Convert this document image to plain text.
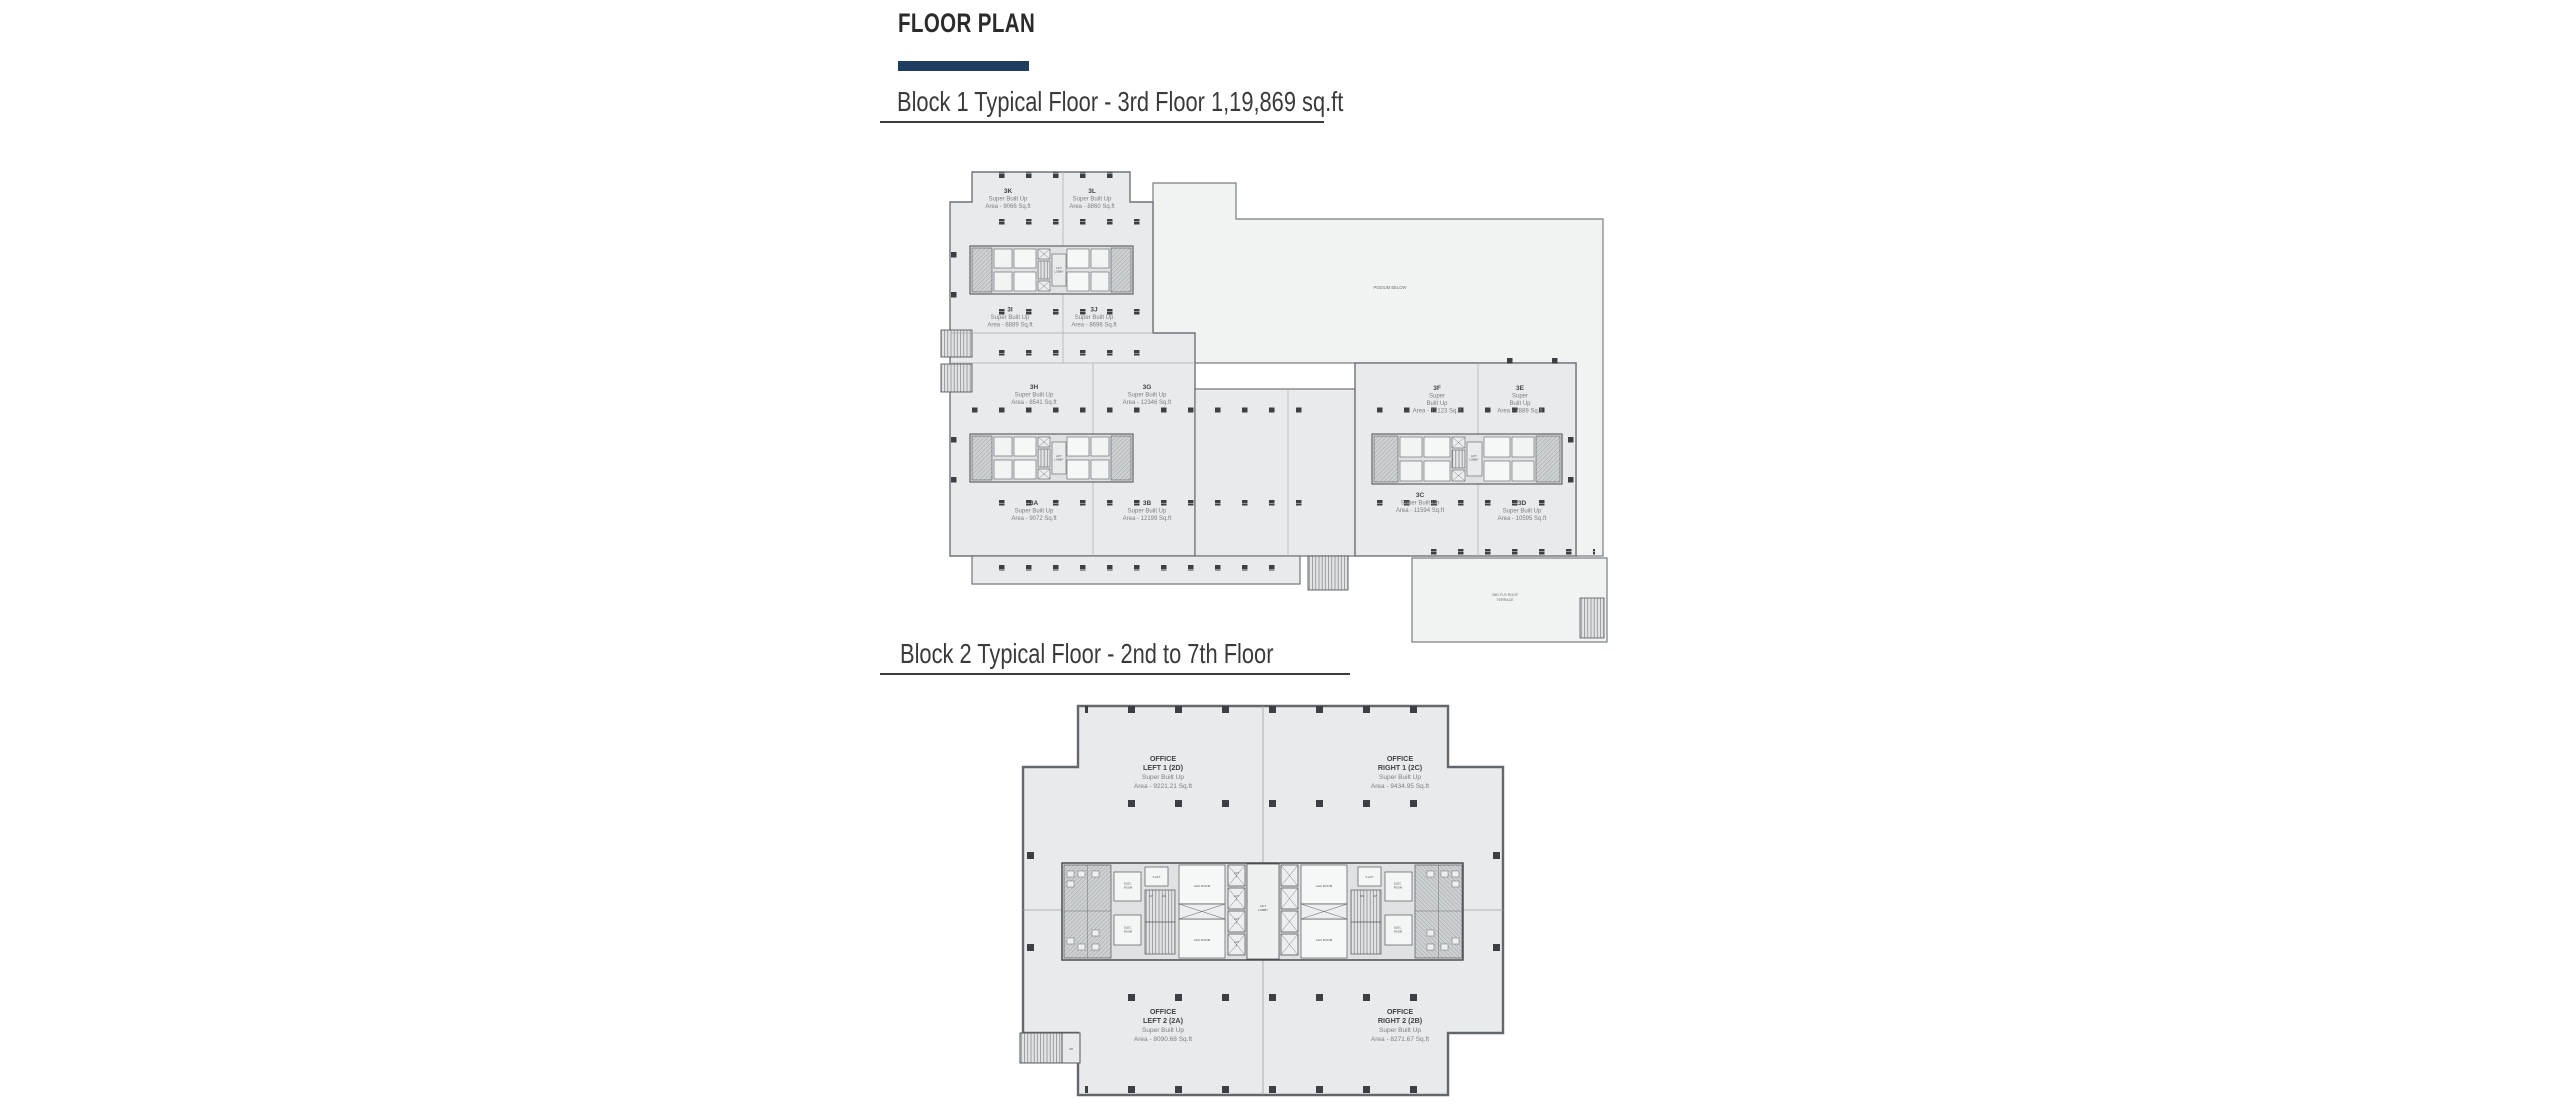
FLOOR PLAN
Block 1 Typical Floor - 3rd Floor 1,19,869 sq.ft
LIFT
LOBBY
LIFT
LOBBY
LIFT
LOBBY
PODIUM BELOW
2ND FLR ROOF
TERRACE
3K
Super Built Up
Area - 9066 Sq.ft
3L
Super Built Up
Area - 8860 Sq.ft
3I
Super Built Up
Area - 8889 Sq.ft
3J
Super Built Up
Area - 8696 Sq.ft
3H
Super Built Up
Area - 8541 Sq.ft
3G
Super Built Up
Area - 12346 Sq.ft
3A
Super Built Up
Area - 9072 Sq.ft
3B
Super Built Up
Area - 12199 Sq.ft
3F
Super
Built Up
Area - 12123 Sq.ft
3E
Super
Built Up
Area - 7889 Sq.ft
3C
Super Built Up
Area - 11594 Sq.ft
3D
Super Built Up
Area - 10595 Sq.ft
Block 2 Typical Floor - 2nd to 7th Floor
UP
ELEC.
ROOM
ELEC.
ROOM
S.LIFT
UP	DN
AHU ROOM
AHU ROOM
LIFT
1
LIFT
2
LIFT
3
LIFT
4
LIFT
LOBBY
AHU ROOM
AHU ROOM
S.LIFT
DN	UP
ELEC.
ROOM
ELEC.
ROOM
OFFICE
LEFT 1 (2D)
Super Built Up
Area - 9221.21 Sq.ft
OFFICE
RIGHT 1 (2C)
Super Built Up
Area - 9434.95 Sq.ft
OFFICE
LEFT 2 (2A)
Super Built Up
Area - 8090.68 Sq.ft
OFFICE
RIGHT 2 (2B)
Super Built Up
Area - 8271.67 Sq.ft
